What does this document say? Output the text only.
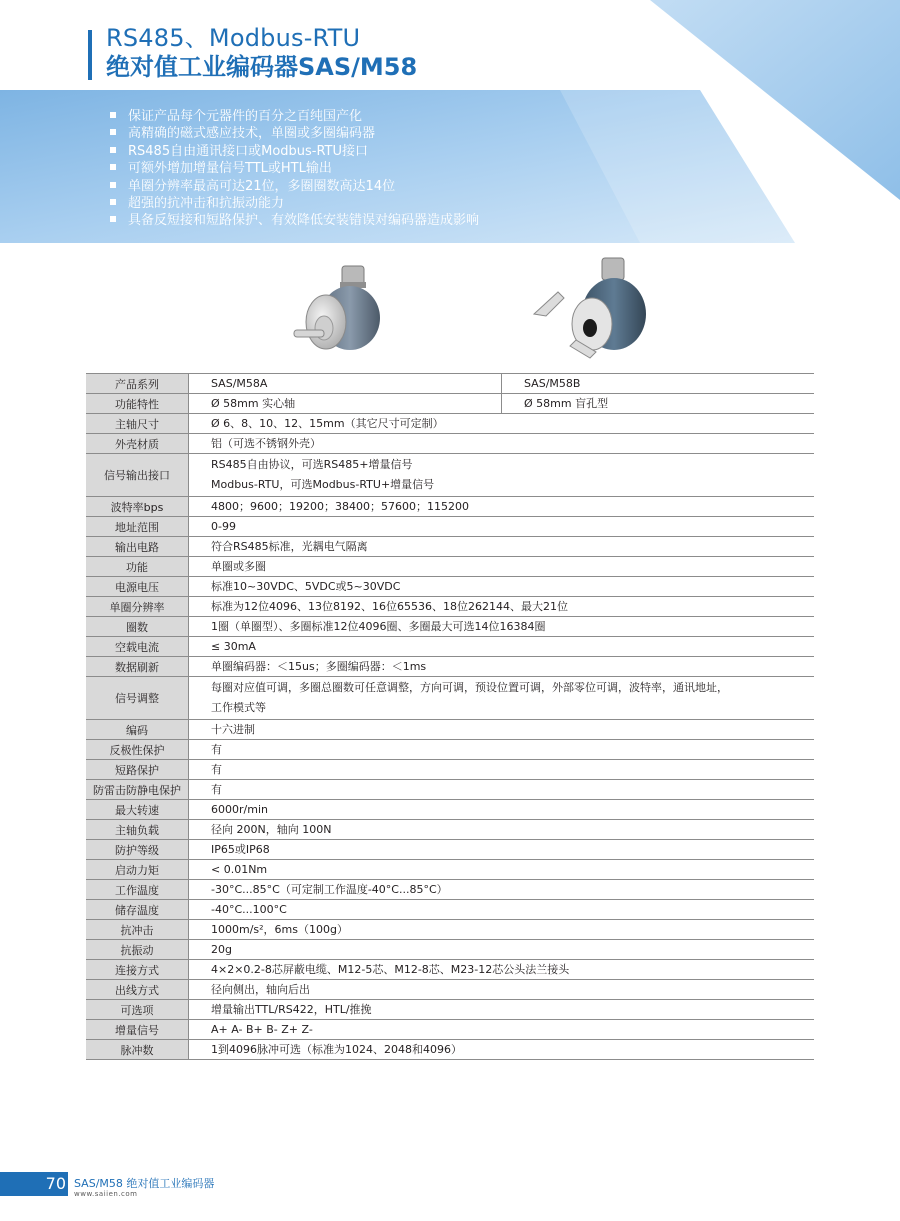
RS485、Modbus-RTU
绝对值工业编码器SAS/M58
保证产品每个元器件的百分之百纯国产化
高精确的磁式感应技术，单圈或多圈编码器
RS485自由通讯接口或Modbus-RTU接口
可额外增加增量信号TTL或HTL输出
单圈分辨率最高可达21位，多圈圈数高达14位
超强的抗冲击和抗振动能力
具备反短接和短路保护、有效降低安装错误对编码器造成影响
产品系列	SAS/M58A	SAS/M58B
功能特性	Ø 58mm 实心轴	Ø 58mm 盲孔型
主轴尺寸	Ø 6、8、10、12、15mm（其它尺寸可定制）	

外壳材质	铝（可选不锈钢外壳）	

信号输出接口	RS485自由协议，可选RS485+增量信号
Modbus-RTU，可选Modbus-RTU+增量信号	

波特率bps	4800；9600；19200；38400；57600；115200	

地址范围	0-99	

输出电路	符合RS485标准，光耦电气隔离	

功能	单圈或多圈	

电源电压	标准10~30VDC、5VDC或5~30VDC	

单圈分辨率	标准为12位4096、13位8192、16位65536、18位262144、最大21位	

圈数	1圈（单圈型）、多圈标准12位4096圈、多圈最大可选14位16384圈	

空载电流	≤ 30mA	

数据刷新	单圈编码器：＜15us；多圈编码器：＜1ms	

信号调整	每圈对应值可调，多圈总圈数可任意调整，方向可调，预设位置可调，外部零位可调，波特率，通讯地址，
工作模式等	

编码	十六进制	

反极性保护	有	

短路保护	有	

防雷击防静电保护	有	

最大转速	6000r/min	

主轴负载	径向 200N，轴向 100N	

防护等级	IP65或IP68	

启动力矩	< 0.01Nm	

工作温度	-30°C...85°C（可定制工作温度-40°C...85°C）	

储存温度	-40°C...100°C	

抗冲击	1000m/s²，6ms（100g）	

抗振动	20g	

连接方式	4×2×0.2-8芯屏蔽电缆、M12-5芯、M12-8芯、M23-12芯公头法兰接头	

出线方式	径向侧出，轴向后出	

可选项	增量输出TTL/RS422，HTL/推挽	

增量信号	A+ A- B+ B- Z+ Z-	

脉冲数	1到4096脉冲可选（标准为1024、2048和4096）	
70 SAS/M58 绝对值工业编码器
www.saiien.com
